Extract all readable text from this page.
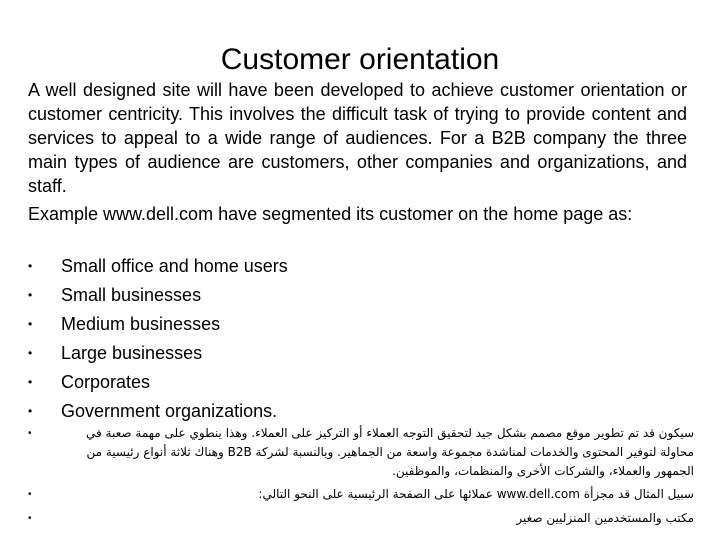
Customer orientation
A well designed site will have been developed to achieve customer orientation or customer centricity. This involves the difficult task of trying to provide content and services to appeal to a wide range of audiences. For a B2B company the three main types of audience are customers, other companies and organizations, and staff.
Example www.dell.com have segmented its customer on the home page as:
• Small office and home users
• Small businesses
• Medium businesses
• Large businesses
• Corporates
• Government organizations.
•	سيكون قد تم تطوير موقع مصمم بشكل جيد لتحقيق التوجه العملاء أو التركيز على العملاء. وهذا ينطوي على مهمة صعبة في محاولة لتوفير المحتوى والخدمات لمناشدة مجموعة واسعة من الجماهير. وبالنسبة لشركة B2B وهناك ثلاثة أنواع رئيسية من الجمهور والعملاء، والشركات الأخرى والمنظمات، والموظفين.
•	سبيل المثال قد مجزأة www.dell.com عملائها على الصفحة الرئيسية على النحو التالي:
•	مكتب والمستخدمين المنزليين صغير
